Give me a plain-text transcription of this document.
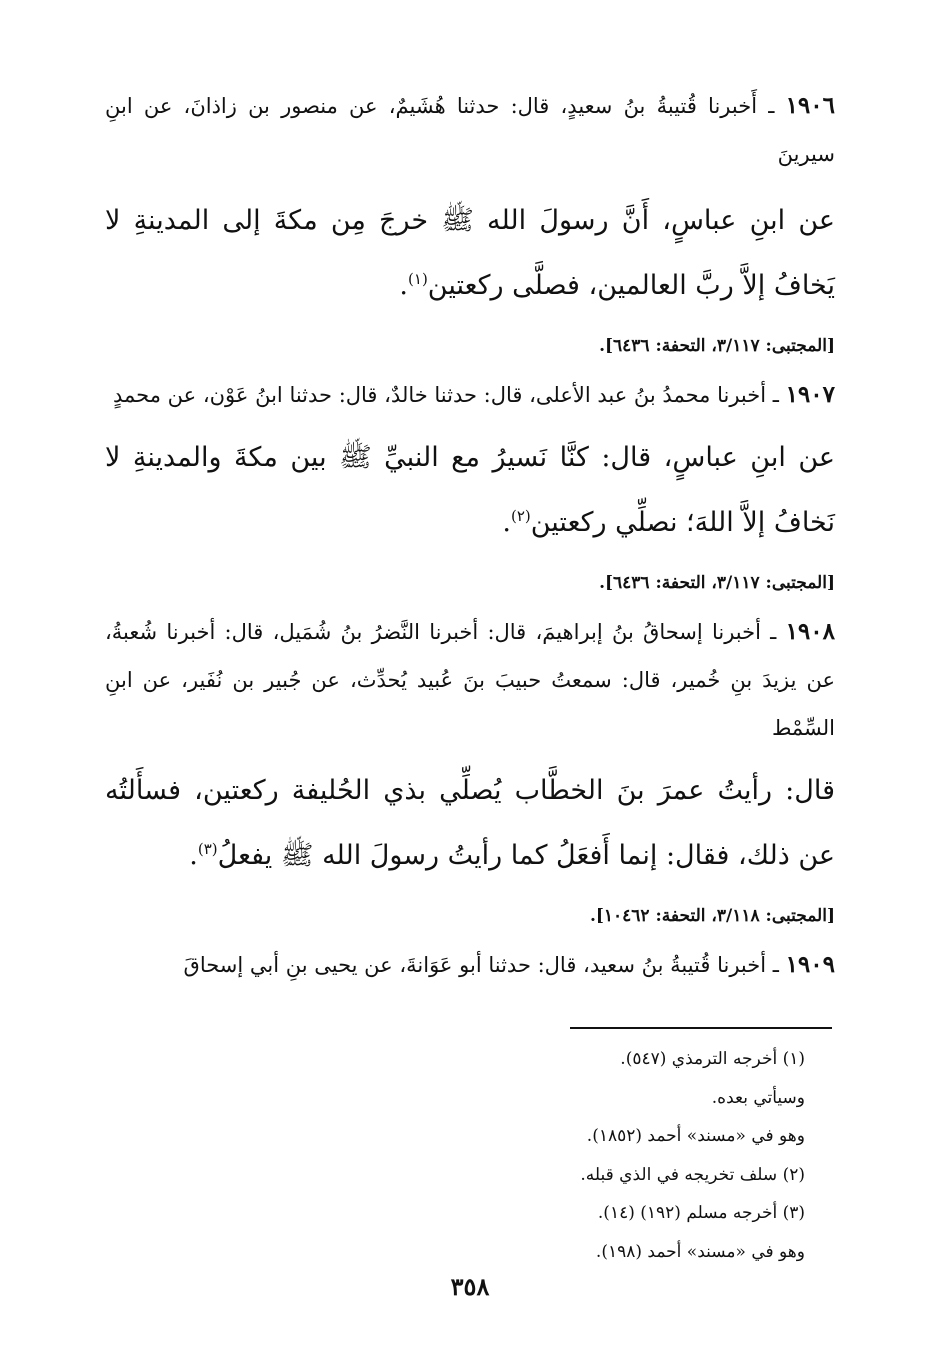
١٩٠٦ ـ أَخبرنا قُتيبةُ بنُ سعيدٍ، قال: حدثنا هُشَيمٌ، عن منصور بن زاذانَ، عن ابنِ سيرينَ

عن ابنِ عباسٍ، أَنَّ رسولَ الله ﷺ خرجَ مِن مكةَ إلى المدينةِ لا يَخافُ إلاَّ ربَّ العالمين، فصلَّى ركعتين$^{(١)}$.

[المجتبى: ٣/١١٧، التحفة: ٦٤٣٦].

١٩٠٧ ـ أخبرنا محمدُ بنُ عبد الأعلى، قال: حدثنا خالدٌ، قال: حدثنا ابنُ عَوْن، عن محمدٍ

عن ابنِ عباسٍ، قال: كنَّا نَسيرُ مع النبيِّ ﷺ بين مكةَ والمدينةِ لا نَخافُ إلاَّ اللهَ؛ نصلِّي ركعتين$^{(٢)}$.

[المجتبى: ٣/١١٧، التحفة: ٦٤٣٦].

١٩٠٨ ـ أخبرنا إسحاقُ بنُ إبراهيمَ، قال: أخبرنا النَّضرُ بنُ شُمَيل، قال: أخبرنا شُعبةُ، عن يزيدَ بنِ خُمير، قال: سمعتُ حبيبَ بنَ عُبيد يُحدِّث، عن جُبير بن نُفَير، عن ابنِ السِّمْط

قال: رأيتُ عمرَ بنَ الخطَّاب يُصلِّي بذي الحُليفة ركعتين، فسأَلتُه عن ذلك، فقال: إنما أَفعَلُ كما رأيتُ رسولَ الله ﷺ يفعلُ$^{(٣)}$.

[المجتبى: ٣/١١٨، التحفة: ١٠٤٦٢].

١٩٠٩ ـ أخبرنا قُتيبةُ بنُ سعيد، قال: حدثنا أبو عَوَانةَ، عن يحيى بنِ أبي إسحاقَ

(١) أخرجه الترمذي (٥٤٧).
وسيأتي بعده.
وهو في «مسند» أحمد (١٨٥٢).
(٢) سلف تخريجه في الذي قبله.
(٣) أخرجه مسلم (١٩٢) (١٤).
وهو في «مسند» أحمد (١٩٨).
٣٥٨
